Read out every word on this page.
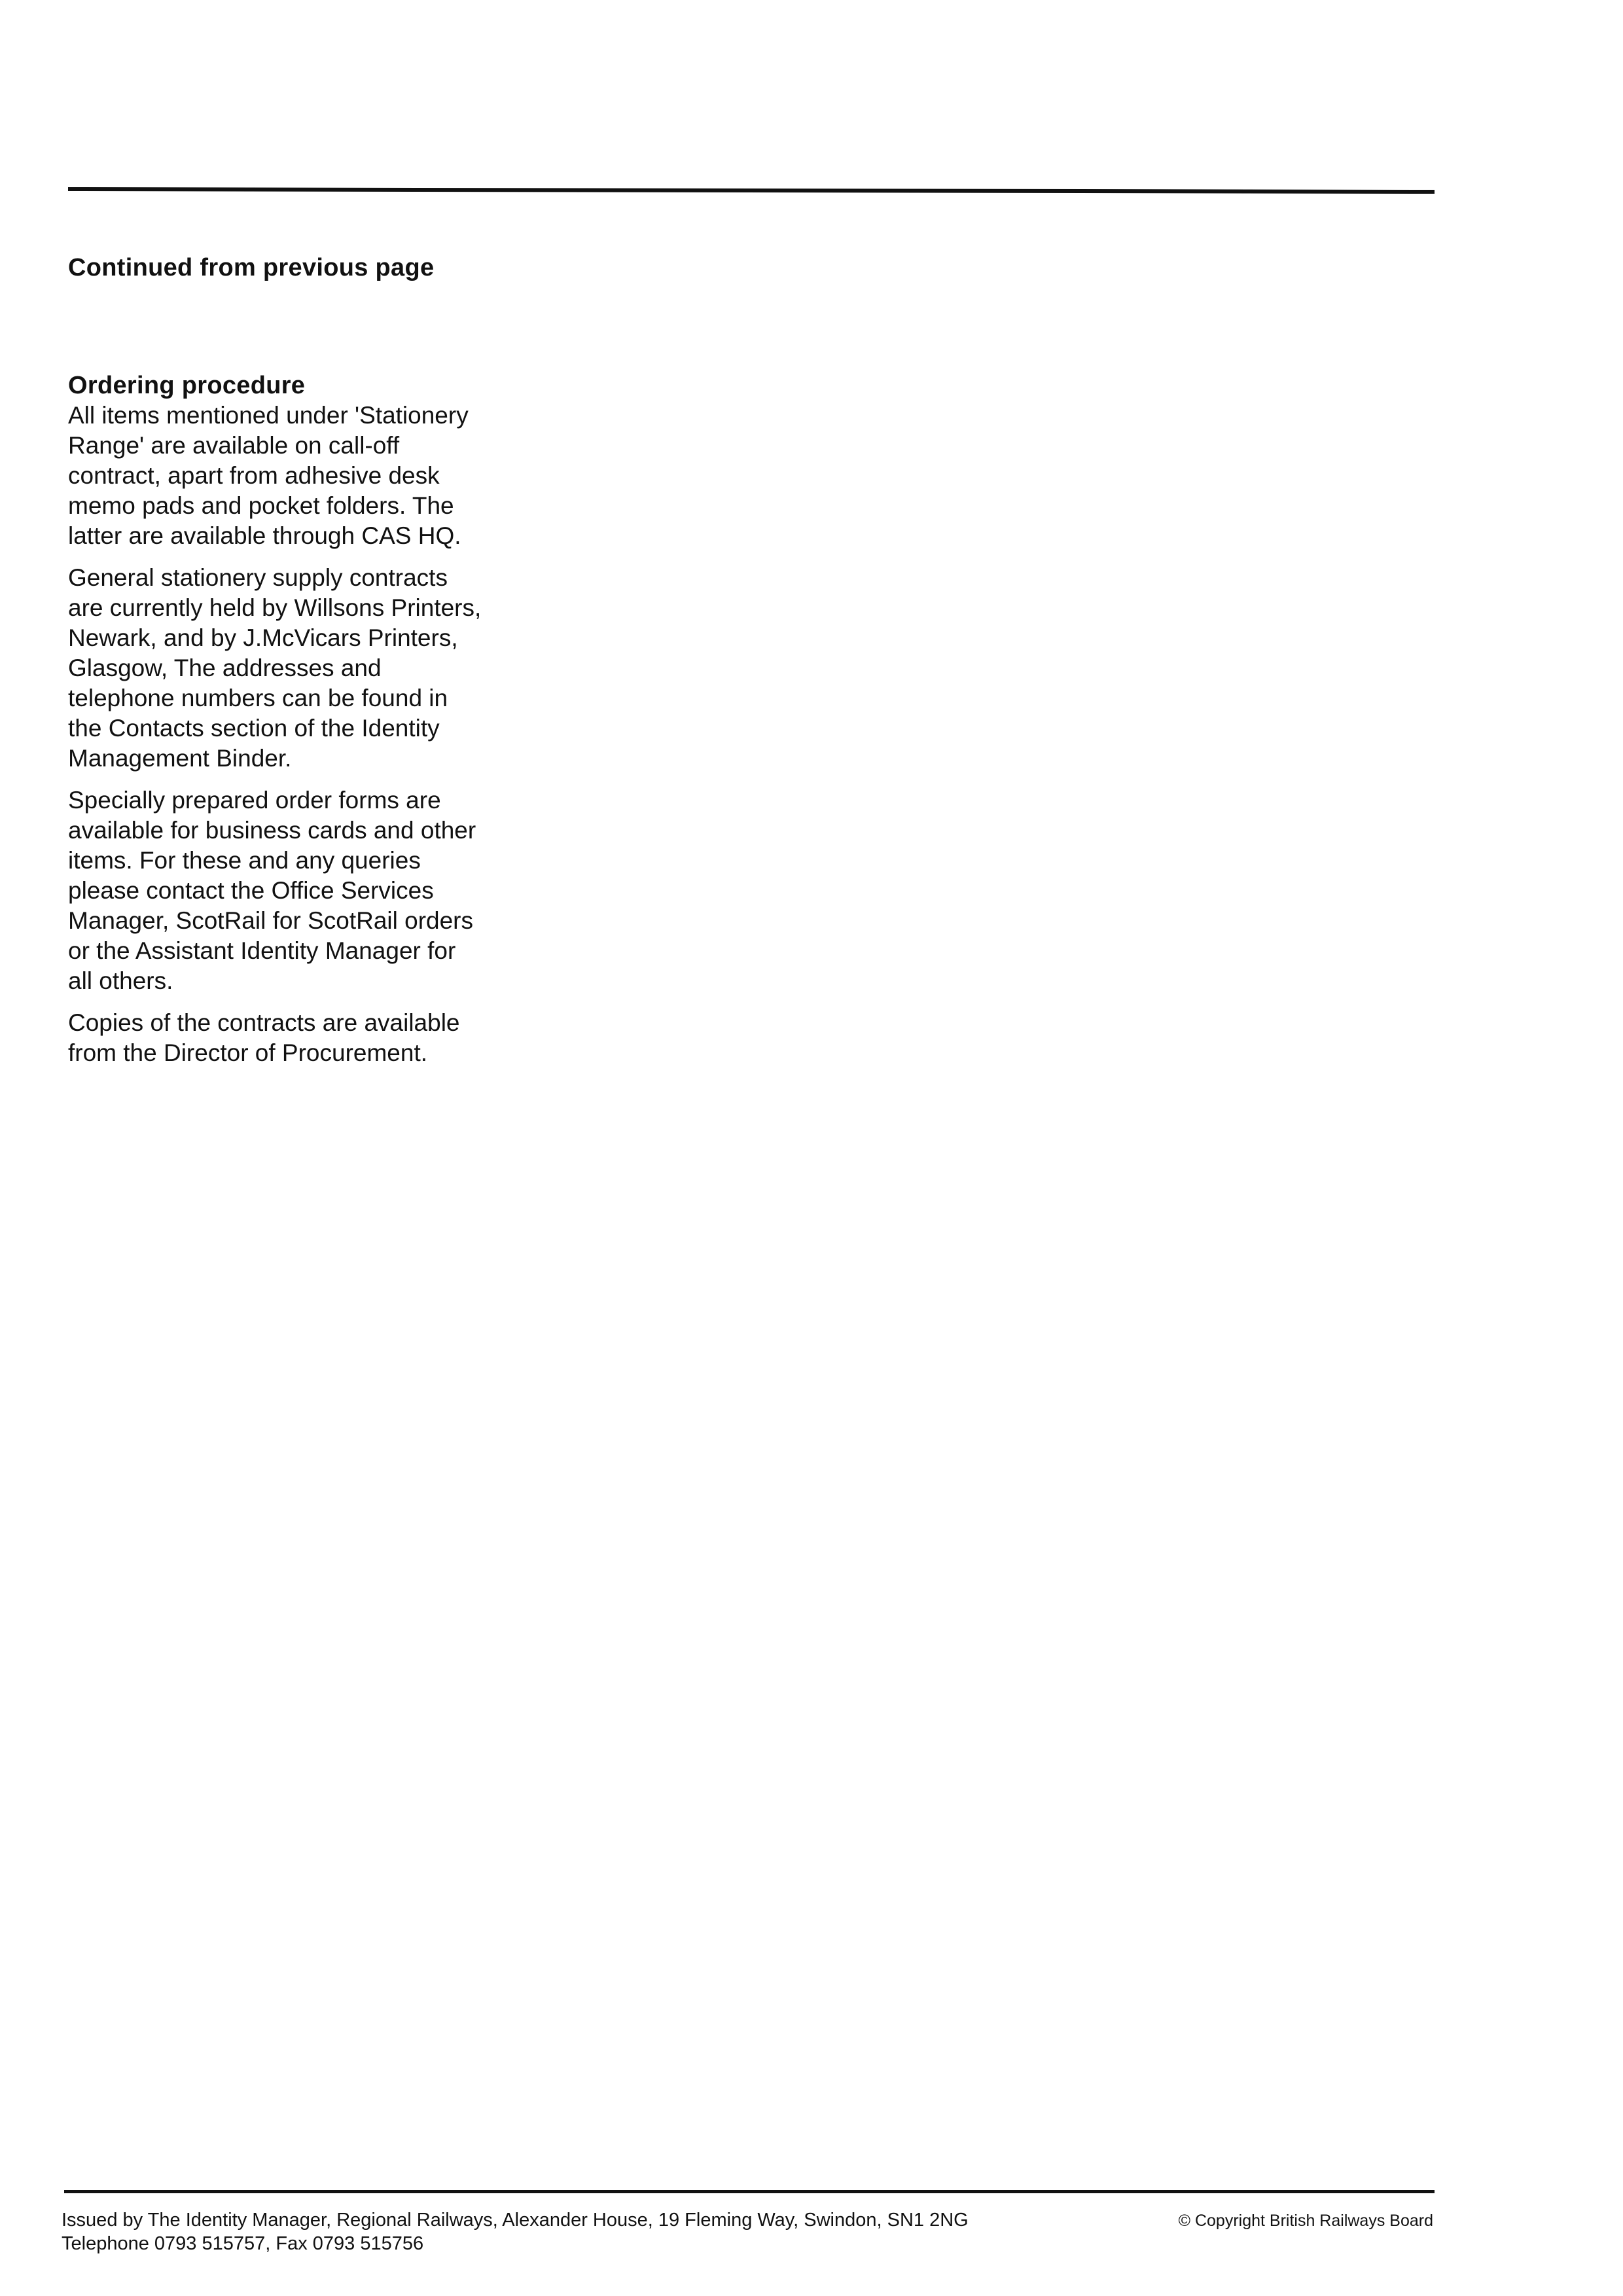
Continued from previous page
Ordering procedure

All items mentioned under 'Stationery
Range' are available on call-off
contract, apart from adhesive desk
memo pads and pocket folders. The
latter are available through CAS HQ.

General stationery supply contracts
are currently held by Willsons Printers,
Newark, and by J.McVicars Printers,
Glasgow, The addresses and
telephone numbers can be found in
the Contacts section of the Identity
Management Binder.

Specially prepared order forms are
available for business cards and other
items. For these and any queries
please contact the Office Services
Manager, ScotRail for ScotRail orders
or the Assistant Identity Manager for
all others.

Copies of the contracts are available
from the Director of Procurement.

Issued by The Identity Manager, Regional Railways, Alexander House, 19 Fleming Way, Swindon, SN1 2NG
Telephone 0793 515757, Fax 0793 515756
© Copyright British Railways Board
